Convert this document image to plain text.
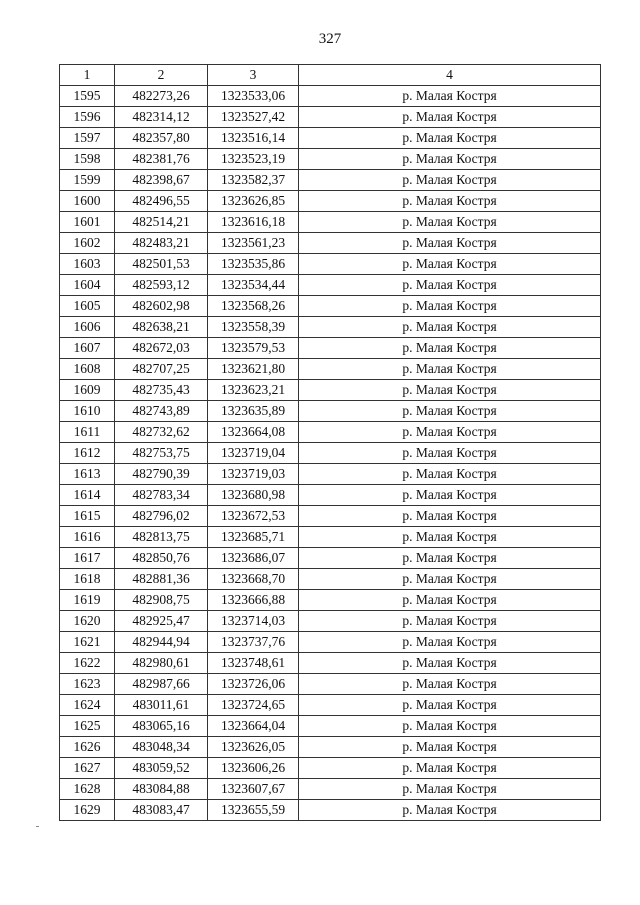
327
1	2	3	4
1595	482273,26	1323533,06	р. Малая Костря
1596	482314,12	1323527,42	р. Малая Костря
1597	482357,80	1323516,14	р. Малая Костря
1598	482381,76	1323523,19	р. Малая Костря
1599	482398,67	1323582,37	р. Малая Костря
1600	482496,55	1323626,85	р. Малая Костря
1601	482514,21	1323616,18	р. Малая Костря
1602	482483,21	1323561,23	р. Малая Костря
1603	482501,53	1323535,86	р. Малая Костря
1604	482593,12	1323534,44	р. Малая Костря
1605	482602,98	1323568,26	р. Малая Костря
1606	482638,21	1323558,39	р. Малая Костря
1607	482672,03	1323579,53	р. Малая Костря
1608	482707,25	1323621,80	р. Малая Костря
1609	482735,43	1323623,21	р. Малая Костря
1610	482743,89	1323635,89	р. Малая Костря
1611	482732,62	1323664,08	р. Малая Костря
1612	482753,75	1323719,04	р. Малая Костря
1613	482790,39	1323719,03	р. Малая Костря
1614	482783,34	1323680,98	р. Малая Костря
1615	482796,02	1323672,53	р. Малая Костря
1616	482813,75	1323685,71	р. Малая Костря
1617	482850,76	1323686,07	р. Малая Костря
1618	482881,36	1323668,70	р. Малая Костря
1619	482908,75	1323666,88	р. Малая Костря
1620	482925,47	1323714,03	р. Малая Костря
1621	482944,94	1323737,76	р. Малая Костря
1622	482980,61	1323748,61	р. Малая Костря
1623	482987,66	1323726,06	р. Малая Костря
1624	483011,61	1323724,65	р. Малая Костря
1625	483065,16	1323664,04	р. Малая Костря
1626	483048,34	1323626,05	р. Малая Костря
1627	483059,52	1323606,26	р. Малая Костря
1628	483084,88	1323607,67	р. Малая Костря
1629	483083,47	1323655,59	р. Малая Костря
